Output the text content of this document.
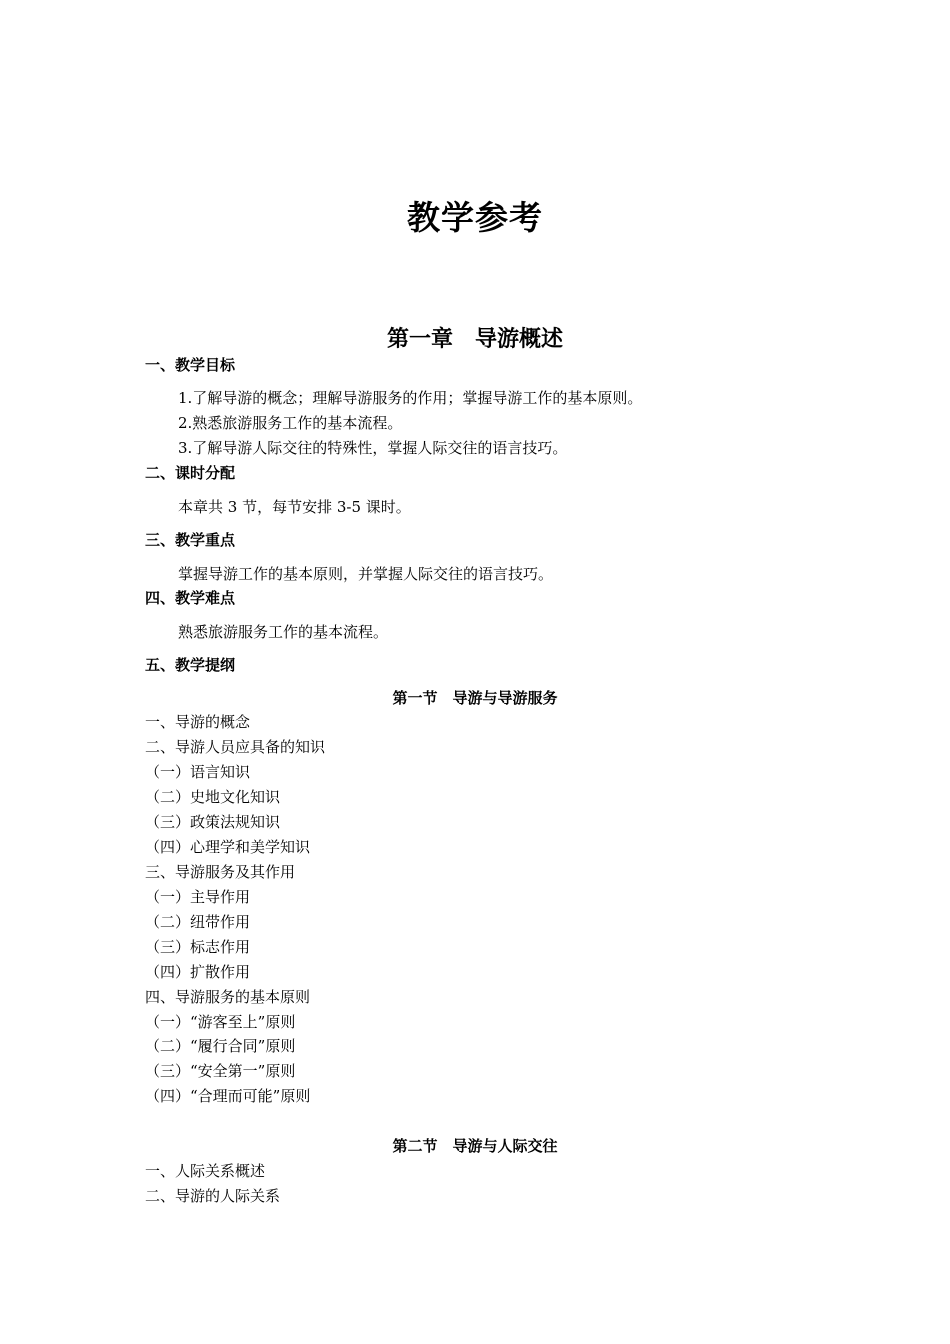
教学参考
第一章　导游概述
一、教学目标
1.了解导游的概念；理解导游服务的作用；掌握导游工作的基本原则。
2.熟悉旅游服务工作的基本流程。
3.了解导游人际交往的特殊性，掌握人际交往的语言技巧。
二、课时分配
本章共 3 节，每节安排 3-5 课时。
三、教学重点
掌握导游工作的基本原则，并掌握人际交往的语言技巧。
四、教学难点
熟悉旅游服务工作的基本流程。
五、教学提纲
第一节　导游与导游服务
一、导游的概念
二、导游人员应具备的知识
（一）语言知识
（二）史地文化知识
（三）政策法规知识
（四）心理学和美学知识
三、导游服务及其作用
（一）主导作用
（二）纽带作用
（三）标志作用
（四）扩散作用
四、导游服务的基本原则
（一）“游客至上”原则
（二）“履行合同”原则
（三）“安全第一”原则
（四）“合理而可能”原则
第二节　导游与人际交往
一、人际关系概述
二、导游的人际关系
